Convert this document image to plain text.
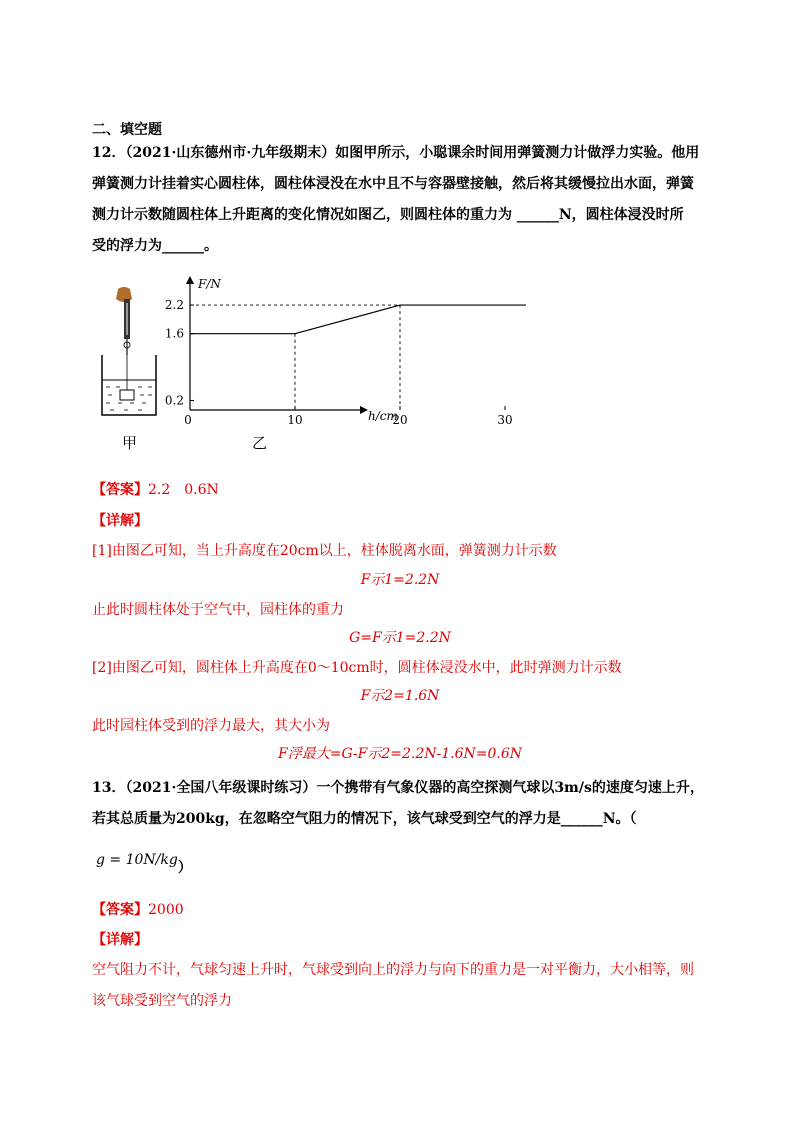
二、填空题
12．（2021·山东德州市·九年级期末）如图甲所示，小聪课余时间用弹簧测力计做浮力实验。他用
弹簧测力计挂着实心圆柱体，圆柱体浸没在水中且不与容器壁接触，然后将其缓慢拉出水面，弹簧
测力计示数随圆柱体上升距离的变化情况如图乙，则圆柱体的重力为 ______N，圆柱体浸没时所
受的浮力为______。
甲
F/N
h/cm
0	10	20	30
0.2
1.6
2.2
乙
【答案】2.2　0.6N
【详解】
[1]由图乙可知，当上升高度在20cm以上，柱体脱离水面，弹簧测力计示数
F示1=2.2N
止此时圆柱体处于空气中，园柱体的重力
G=F示1=2.2N
[2]由图乙可知，圆柱体上升高度在0～10cm时，圆柱体浸没水中，此时弹测力计示数
F示2=1.6N
此时园柱体受到的浮力最大，其大小为
F浮最大=G-F示2=2.2N-1.6N=0.6N
13．（2021·全国八年级课时练习）一个携带有气象仪器的高空探测气球以3m/s的速度匀速上升，
若其总质量为200kg，在忽略空气阻力的情况下，该气球受到空气的浮力是______N。（
g = 10N/kg）
【答案】2000
【详解】
空气阻力不计，气球匀速上升时，气球受到向上的浮力与向下的重力是一对平衡力，大小相等，则
该气球受到空气的浮力
